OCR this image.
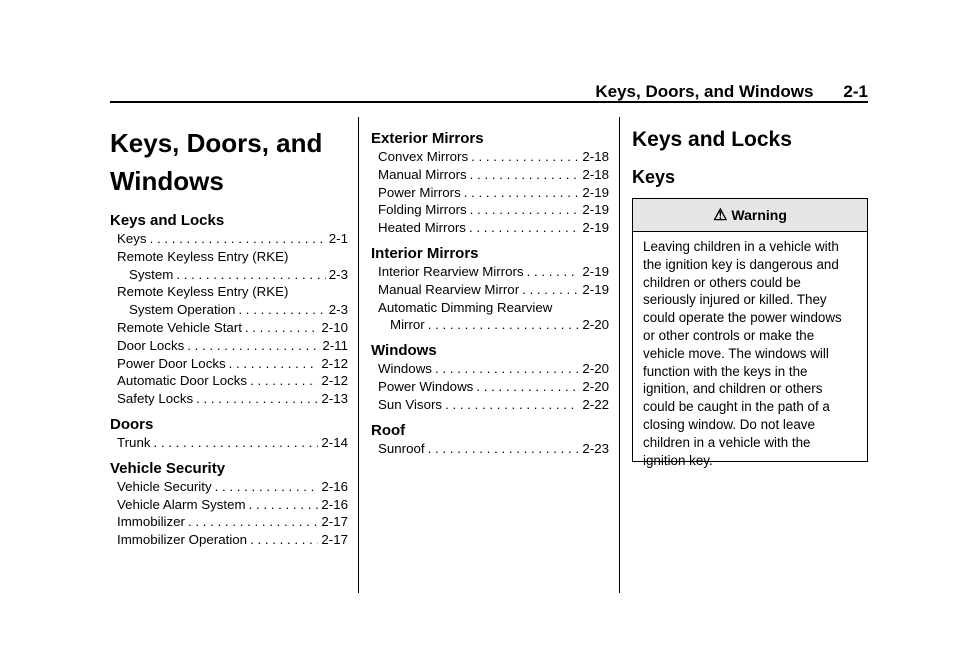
Keys, Doors, and Windows 2-1
Keys, Doors, and
Windows
Keys and Locks
Keys . . .	2-1
Remote Keyless Entry (RKE)
System . . .	2-3
Remote Keyless Entry (RKE)
System Operation . . .	2-3
Remote Vehicle Start . . .	2-10
Door Locks . . .	2-11
Power Door Locks . . .	2-12
Automatic Door Locks . . .	2-12
Safety Locks . . .	2-13
Doors
Trunk . . .	2-14
Vehicle Security
Vehicle Security . . .	2-16
Vehicle Alarm System . . .	2-16
Immobilizer . . .	2-17
Immobilizer Operation . . .	2-17
Exterior Mirrors
Convex Mirrors . . .	2-18
Manual Mirrors . . .	2-18
Power Mirrors . . .	2-19
Folding Mirrors . . .	2-19
Heated Mirrors . . .	2-19
Interior Mirrors
Interior Rearview Mirrors . . .	2-19
Manual Rearview Mirror . . .	2-19
Automatic Dimming Rearview
Mirror . . .	2-20
Windows
Windows . . .	2-20
Power Windows . . .	2-20
Sun Visors . . .	2-22
Roof
Sunroof . . .	2-23
Keys and Locks
Keys
⚠ Warning
Leaving children in a vehicle with
the ignition key is dangerous and
children or others could be
seriously injured or killed. They
could operate the power windows
or other controls or make the
vehicle move. The windows will
function with the keys in the
ignition, and children or others
could be caught in the path of a
closing window. Do not leave
children in a vehicle with the
ignition key.
